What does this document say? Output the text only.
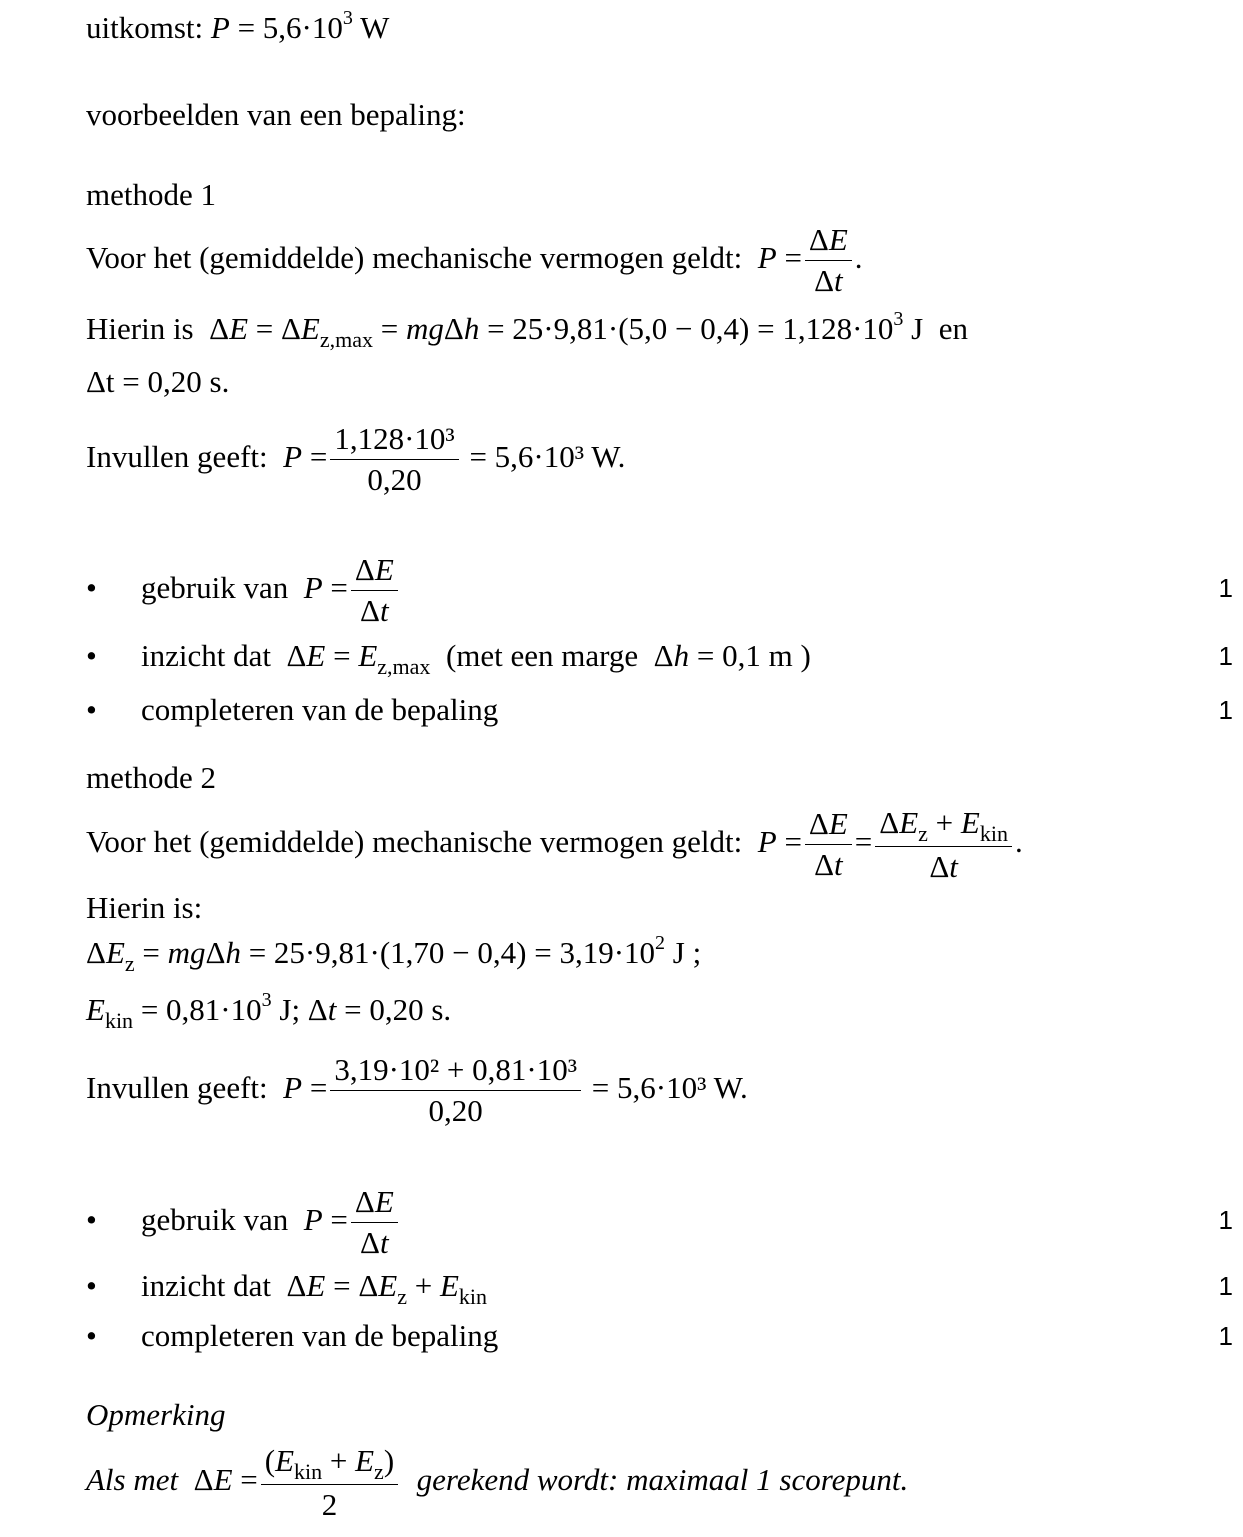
uitkomst: $P = 5,6\cdot 10^3$ W
voorbeelden van een bepaling:
methode 1
Voor het (gemiddelde) mechanische vermogen geldt: $P = \frac{\Delta E}{\Delta t}$ .
Hierin is  $\Delta E = \Delta E_{z,max} = mg\Delta h = 25\cdot 9,81\cdot(5,0 - 0,4) = 1,128\cdot 10^3$ J  en
Δt = 0,20 s.
Invullen geeft: $P = \frac{\text{1,128·10³}}{0,20} = 5,6\cdot 10^3$ W.
• gebruik van $P = \frac{\Delta E}{\Delta t}$	1
• inzicht dat  $\Delta E = E_{z,max}$ (met een marge  Δh = 0,1 m )	1
• completeren van de bepaling	1
methode 2
Voor het (gemiddelde) mechanische vermogen geldt: $P = \frac{\Delta E}{\Delta t} = \frac{\Delta E_z + E_{kin}}{\Delta t}$ .
Hierin is:
$\Delta E_z = mg\Delta h = 25\cdot 9,81\cdot(1,70 - 0,4) = 3,19\cdot 10^2$ J ;
$E_{kin} = 0,81\cdot 10^3$ J; Δt = 0,20 s.
Invullen geeft: $P = \frac{\text{3,19·10² + 0,81·10³}}{0,20} = 5,6\cdot 10^3$ W.
• gebruik van $P = \frac{\Delta E}{\Delta t}$	1
• inzicht dat  $\Delta E = \Delta E_z + E_{kin}$	1
• completeren van de bepaling	1
Opmerking
Als met $\Delta E = \frac{(E_{kin} + E_z)}{2}$ gerekend wordt: maximaal 1 scorepunt.
